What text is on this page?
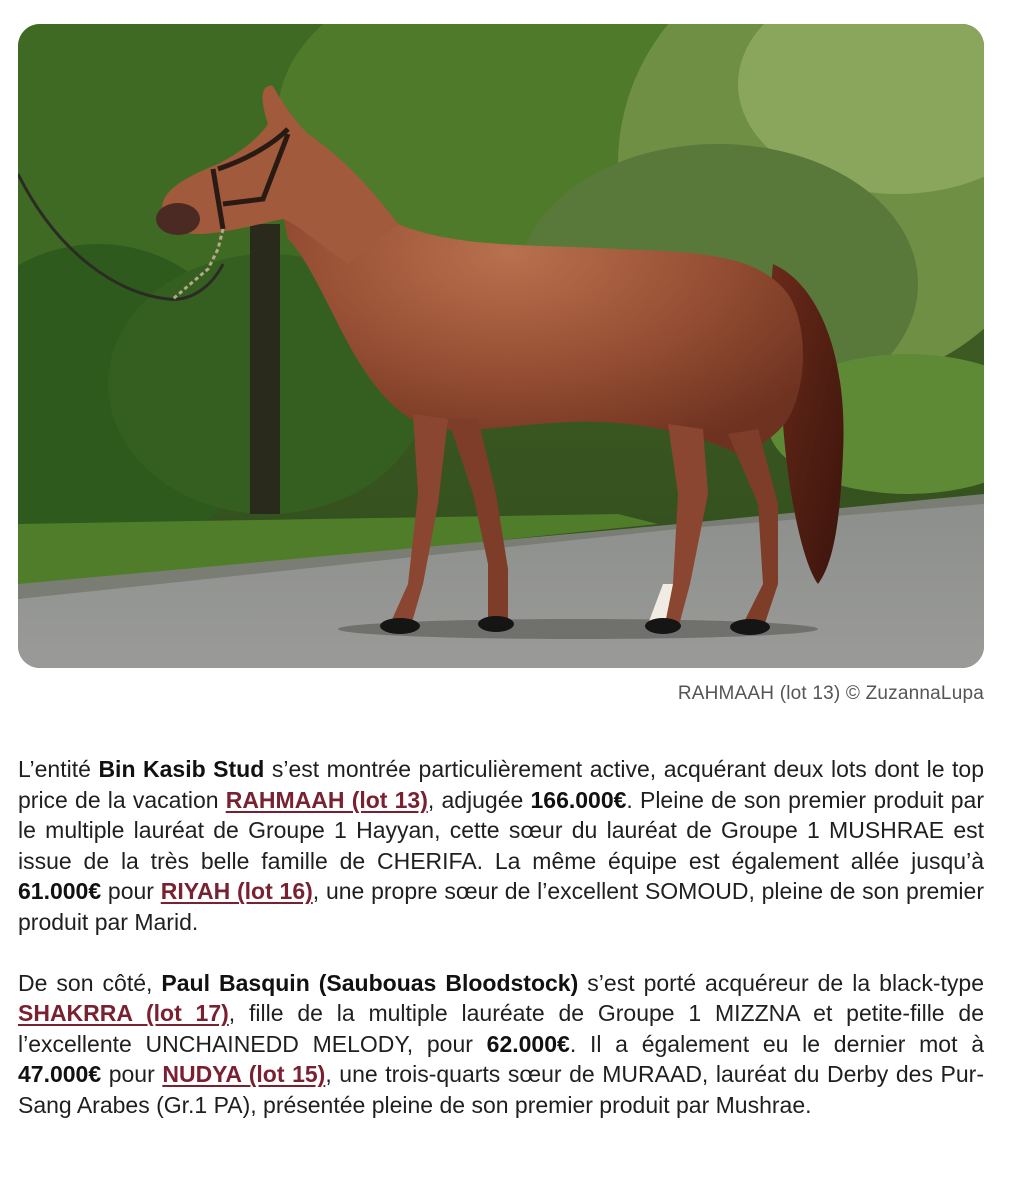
RAHMAAH (lot 13) © ZuzannaLupa

L’entité Bin Kasib Stud s’est montrée particulièrement active, acquérant deux lots dont le top price de la vacation RAHMAAH (lot 13), adjugée 166.000€. Pleine de son premier produit par le multiple lauréat de Groupe 1 Hayyan, cette sœur du lauréat de Groupe 1 MUSHRAE est issue de la très belle famille de CHERIFA. La même équipe est également allée jusqu’à 61.000€ pour RIYAH (lot 16), une propre sœur de l’excellent SOMOUD, pleine de son premier produit par Marid.

De son côté, Paul Basquin (Saubouas Bloodstock) s’est porté acquéreur de la black-type SHAKRRA (lot 17), fille de la multiple lauréate de Groupe 1 MIZZNA et petite-fille de l’excellente UNCHAINEDD MELODY, pour 62.000€. Il a également eu le dernier mot à 47.000€ pour NUDYA (lot 15), une trois-quarts sœur de MURAAD, lauréat du Derby des Pur-Sang Arabes (Gr.1 PA), présentée pleine de son premier produit par Mushrae.
